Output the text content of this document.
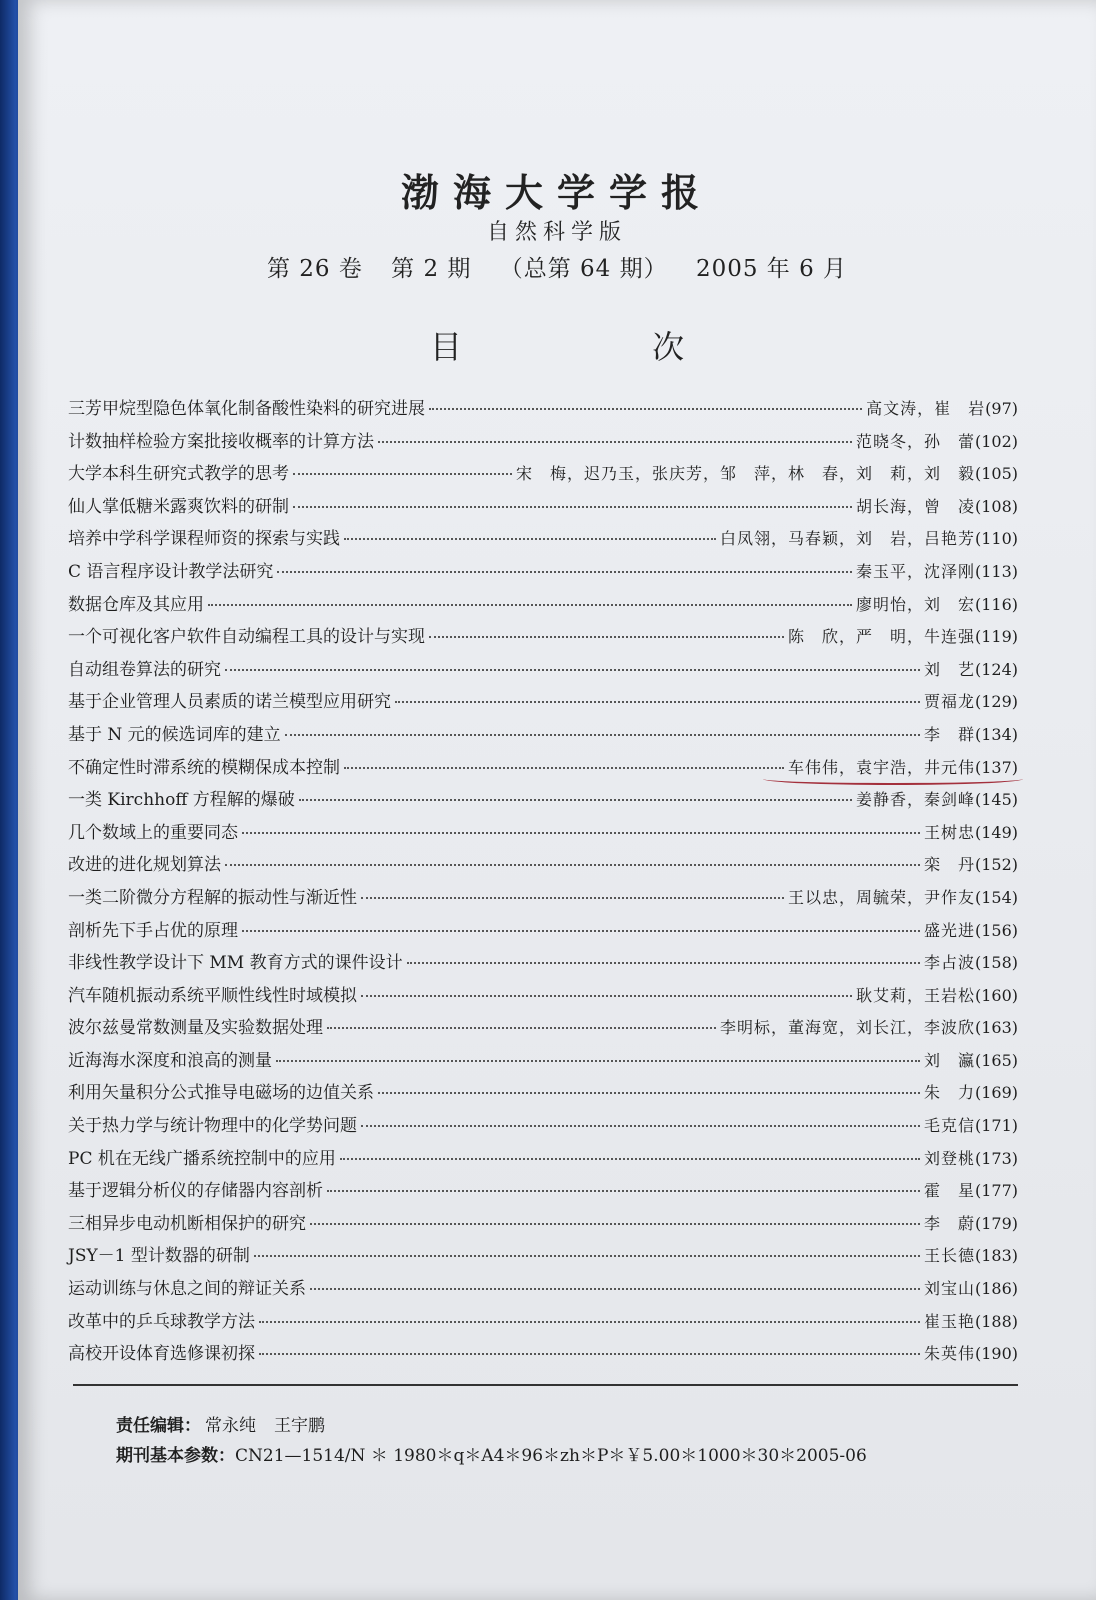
渤海大学学报
自然科学版
第 26 卷 第 2 期 （总第 64 期） 2005 年 6 月
目 次
三芳甲烷型隐色体氧化制备酸性染料的研究进展	高文涛，崔　岩 (97)
计数抽样检验方案批接收概率的计算方法	范晓冬，孙　蕾 (102)
大学本科生研究式教学的思考	宋　梅，迟乃玉，张庆芳，邹　萍，林　春，刘　莉，刘　毅 (105)
仙人掌低糖米露爽饮料的研制	胡长海，曾　凌 (108)
培养中学科学课程师资的探索与实践	白凤翎，马春颖，刘　岩，吕艳芳 (110)
C 语言程序设计教学法研究	秦玉平，沈泽刚 (113)
数据仓库及其应用	廖明怡，刘　宏 (116)
一个可视化客户软件自动编程工具的设计与实现	陈　欣，严　明，牛连强 (119)
自动组卷算法的研究	刘　艺 (124)
基于企业管理人员素质的诺兰模型应用研究	贾福龙 (129)
基于 N 元的候选词库的建立	李　群 (134)
不确定性时滞系统的模糊保成本控制	车伟伟，袁宇浩，井元伟 (137)
一类 Kirchhoff 方程解的爆破	姜静香，秦剑峰 (145)
几个数域上的重要同态	王树忠 (149)
改进的进化规划算法	栾　丹 (152)
一类二阶微分方程解的振动性与渐近性	王以忠，周毓荣，尹作友 (154)
剖析先下手占优的原理	盛光进 (156)
非线性教学设计下 MM 教育方式的课件设计	李占波 (158)
汽车随机振动系统平顺性线性时域模拟	耿艾莉，王岩松 (160)
波尔兹曼常数测量及实验数据处理	李明标，董海宽，刘长江，李波欣 (163)
近海海水深度和浪高的测量	刘　瀛 (165)
利用矢量积分公式推导电磁场的边值关系	朱　力 (169)
关于热力学与统计物理中的化学势问题	毛克信 (171)
PC 机在无线广播系统控制中的应用	刘登桃 (173)
基于逻辑分析仪的存储器内容剖析	霍　星 (177)
三相异步电动机断相保护的研究	李　蔚 (179)
JSY－1 型计数器的研制	王长德 (183)
运动训练与休息之间的辩证关系	刘宝山 (186)
改革中的乒乓球教学方法	崔玉艳 (188)
高校开设体育选修课初探	朱英伟 (190)
责任编辑： 常永纯 王宇鹏
期刊基本参数：CN21—1514/N ＊ 1980＊q＊A4＊96＊zh＊P＊￥5.00＊1000＊30＊2005-06
